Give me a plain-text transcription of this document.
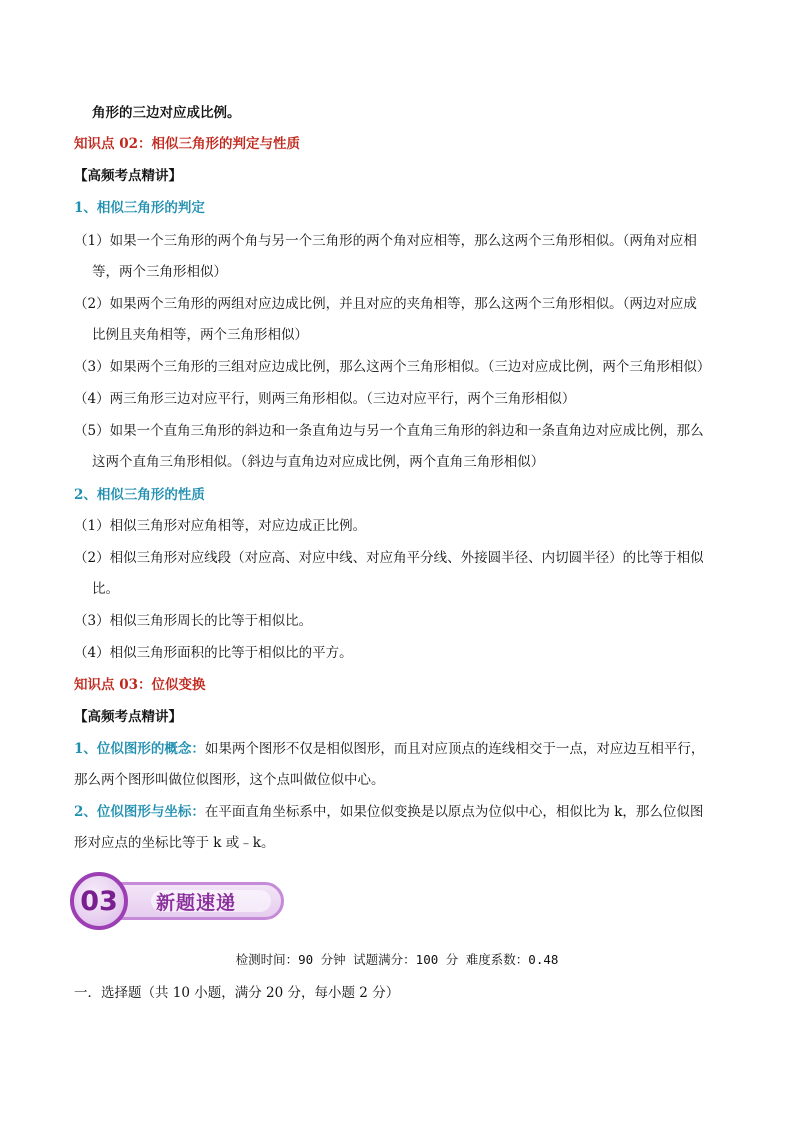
角形的三边对应成比例。
知识点 02：相似三角形的判定与性质
【高频考点精讲】
1、相似三角形的判定
（1）如果一个三角形的两个角与另一个三角形的两个角对应相等，那么这两个三角形相似。（两角对应相
等，两个三角形相似）
（2）如果两个三角形的两组对应边成比例，并且对应的夹角相等，那么这两个三角形相似。（两边对应成
比例且夹角相等，两个三角形相似）
（3）如果两个三角形的三组对应边成比例，那么这两个三角形相似。（三边对应成比例，两个三角形相似）
（4）两三角形三边对应平行，则两三角形相似。（三边对应平行，两个三角形相似）
（5）如果一个直角三角形的斜边和一条直角边与另一个直角三角形的斜边和一条直角边对应成比例，那么
这两个直角三角形相似。（斜边与直角边对应成比例，两个直角三角形相似）
2、相似三角形的性质
（1）相似三角形对应角相等，对应边成正比例。
（2）相似三角形对应线段（对应高、对应中线、对应角平分线、外接圆半径、内切圆半径）的比等于相似
比。
（3）相似三角形周长的比等于相似比。
（4）相似三角形面积的比等于相似比的平方。
知识点 03：位似变换
【高频考点精讲】
1、位似图形的概念：如果两个图形不仅是相似图形，而且对应顶点的连线相交于一点，对应边互相平行，
那么两个图形叫做位似图形，这个点叫做位似中心。
2、位似图形与坐标：在平面直角坐标系中，如果位似变换是以原点为位似中心，相似比为 k，那么位似图
形对应点的坐标比等于 k 或﹣k。
新题速递
03
检测时间：90 分钟 试题满分：100 分 难度系数：0.48
一．选择题（共 10 小题，满分 20 分，每小题 2 分）
